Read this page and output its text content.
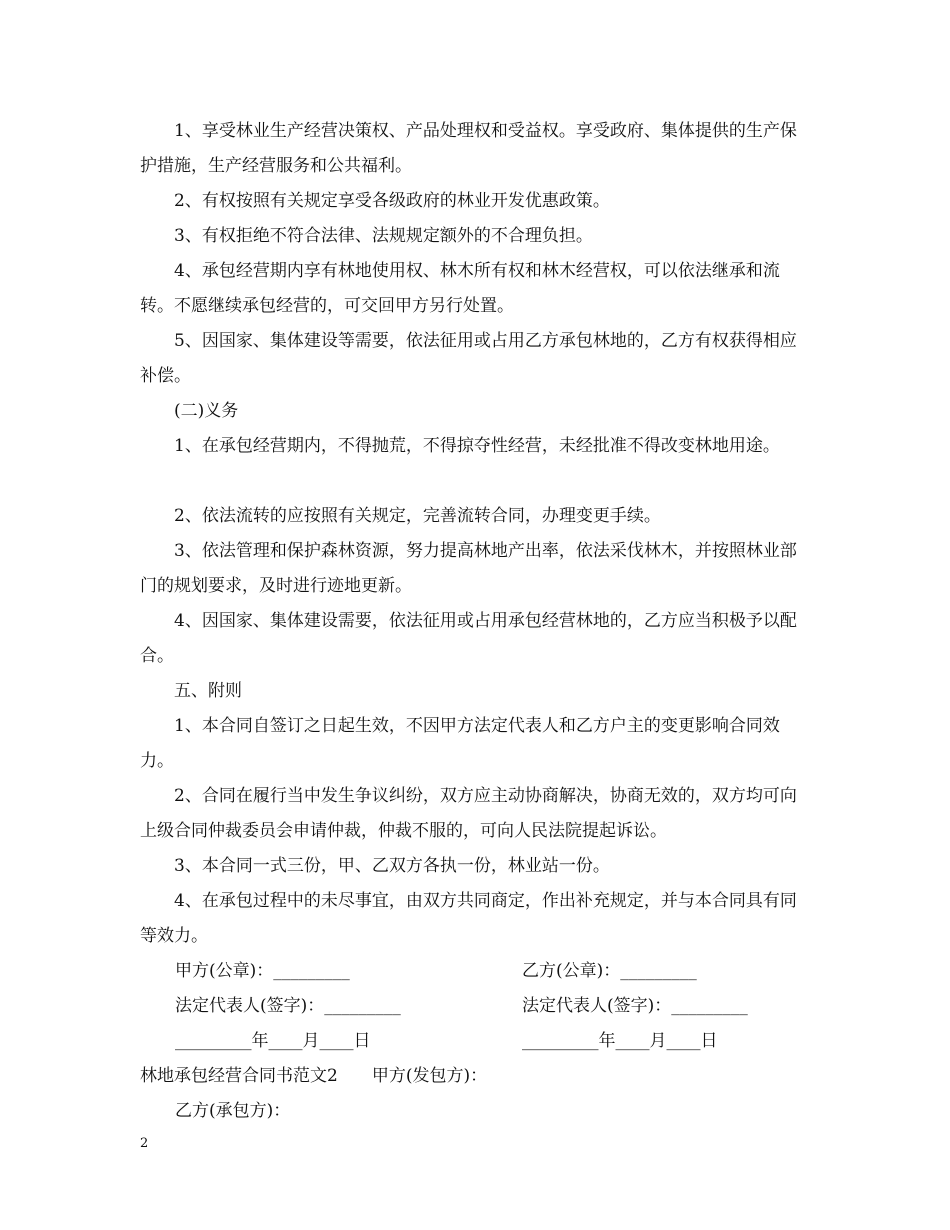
1、享受林业生产经营决策权、产品处理权和受益权。享受政府、集体提供的生产保护措施，生产经营服务和公共福利。

2、有权按照有关规定享受各级政府的林业开发优惠政策。

3、有权拒绝不符合法律、法规规定额外的不合理负担。

4、承包经营期内享有林地使用权、林木所有权和林木经营权，可以依法继承和流转。不愿继续承包经营的，可交回甲方另行处置。

5、因国家、集体建设等需要，依法征用或占用乙方承包林地的，乙方有权获得相应补偿。

(二)义务

1、在承包经营期内，不得抛荒，不得掠夺性经营，未经批准不得改变林地用途。

2、依法流转的应按照有关规定，完善流转合同，办理变更手续。

3、依法管理和保护森林资源，努力提高林地产出率，依法采伐林木，并按照林业部门的规划要求，及时进行迹地更新。

4、因国家、集体建设需要，依法征用或占用承包经营林地的，乙方应当积极予以配合。

五、附则

1、本合同自签订之日起生效，不因甲方法定代表人和乙方户主的变更影响合同效力。

2、合同在履行当中发生争议纠纷，双方应主动协商解决，协商无效的，双方均可向上级合同仲裁委员会申请仲裁，仲裁不服的，可向人民法院提起诉讼。

3、本合同一式三份，甲、乙双方各执一份，林业站一份。

4、在承包过程中的未尽事宜，由双方共同商定，作出补充规定，并与本合同具有同等效力。

甲方(公章)：_________	乙方(公章)：_________
法定代表人(签字)：_________	法定代表人(签字)：_________
_________年____月____日	_________年____月____日
林地承包经营合同书范文2　　甲方(发包方)：
乙方(承包方)：
2
